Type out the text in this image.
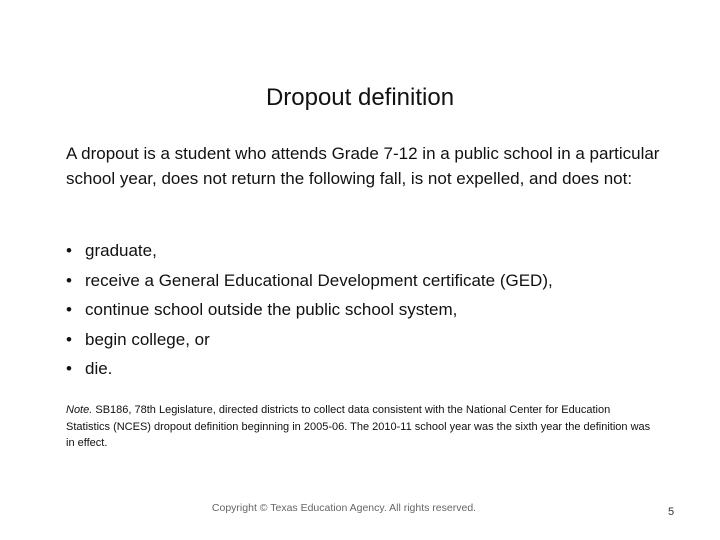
Dropout definition
A dropout is a student who attends Grade 7-12 in a public school in a particular school year, does not return the following fall, is not expelled, and does not:
• graduate,
• receive a General Educational Development certificate (GED),
• continue school outside the public school system,
• begin college, or
• die.
Note. SB186, 78th Legislature, directed districts to collect data consistent with the National Center for Education Statistics (NCES) dropout definition beginning in 2005-06. The 2010-11 school year was the sixth year the definition was in effect.
Copyright © Texas Education Agency. All rights reserved.	5
